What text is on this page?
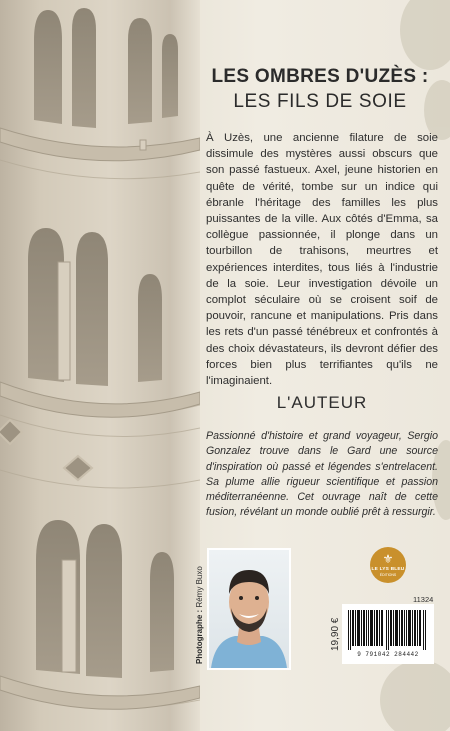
LES OMBRES D'UZÈS :
LES FILS DE SOIE
À Uzès, une ancienne filature de soie dissimule des mystères aussi obscurs que son passé fastueux. Axel, jeune historien en quête de vérité, tombe sur un indice qui ébranle l'héritage des familles les plus puissantes de la ville. Aux côtés d'Emma, sa collègue passionnée, il plonge dans un tourbillon de trahisons, meurtres et expériences interdites, tous liés à l'industrie de la soie. Leur investigation dévoile un complot séculaire où se croisent soif de pouvoir, rancune et manipulations. Pris dans les rets d'un passé ténébreux et confrontés à des choix dévastateurs, ils devront défier des forces bien plus terrifiantes qu'ils ne l'imaginaient.
L'AUTEUR
Passionné d'histoire et grand voyageur, Sergio Gonzalez trouve dans le Gard une source d'inspiration où passé et légendes s'entrelacent. Sa plume allie rigueur scientifique et passion méditerranéenne. Cet ouvrage naît de cette fusion, révélant un monde oublié prêt à ressurgir.
Photographe : Rémy Buxo
⚜
LE LYS BLEU
ÉDITIONS
11324
19,90 €
9 791042 284442
